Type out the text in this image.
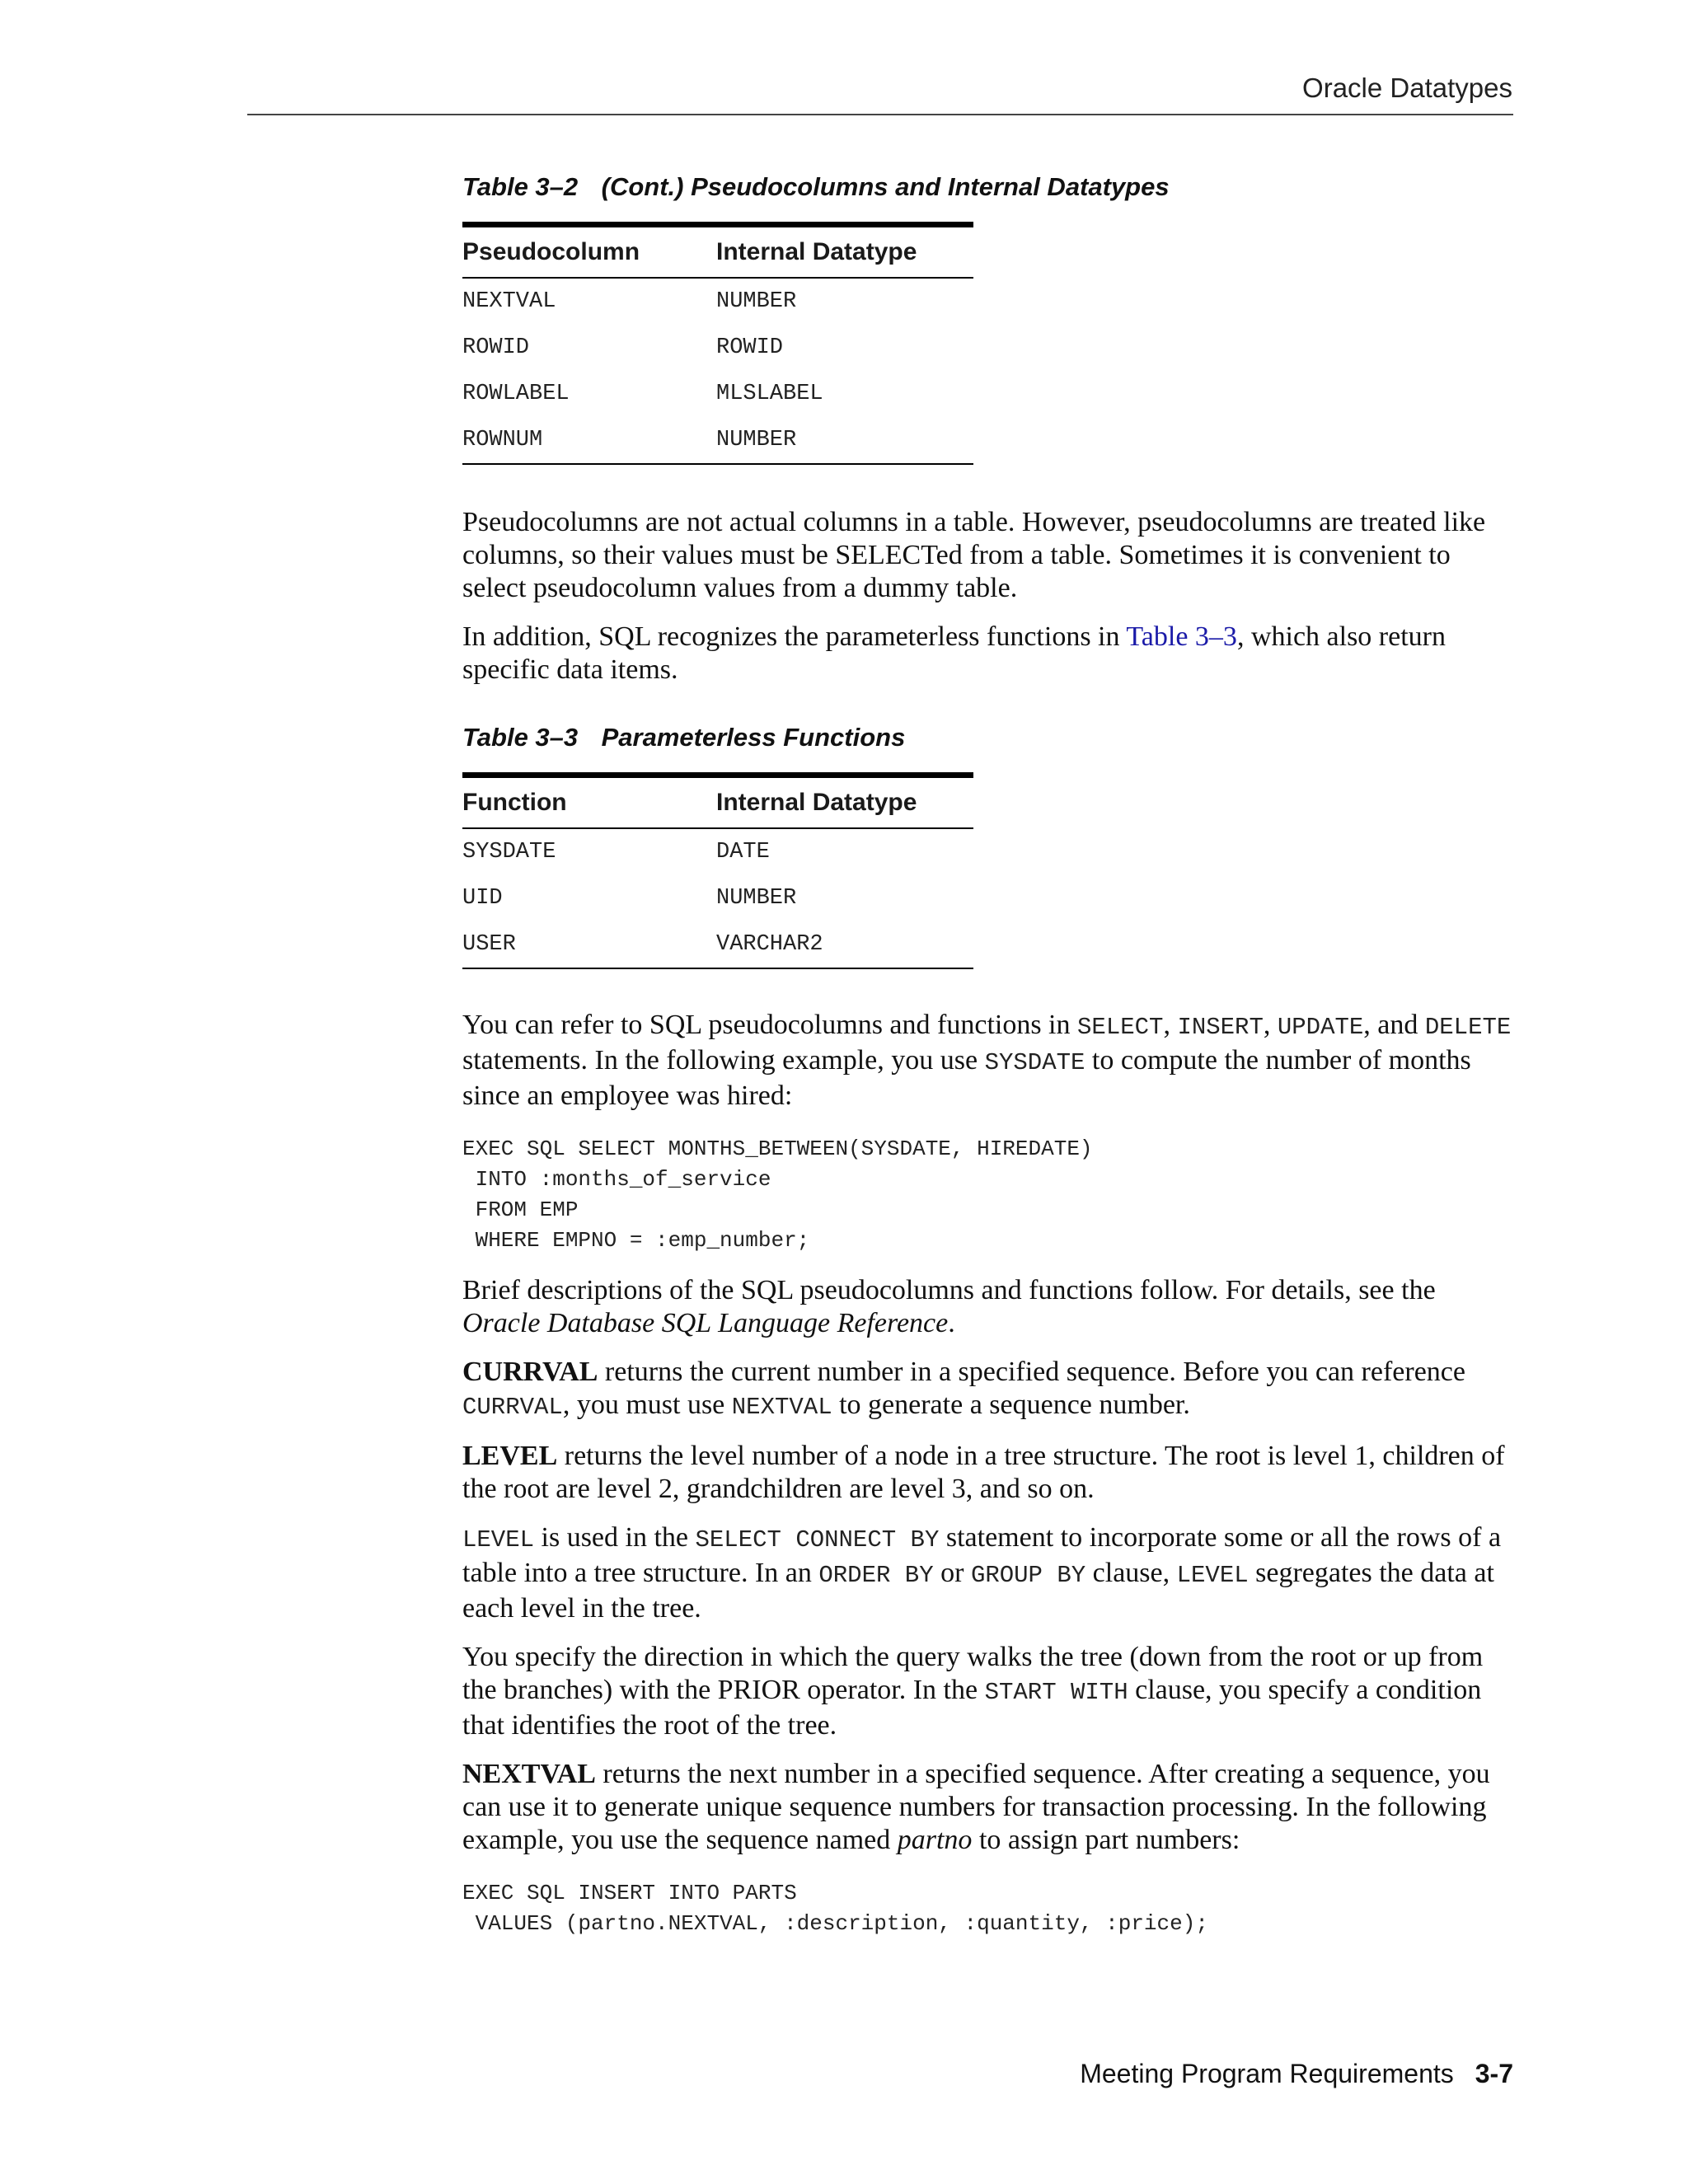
Oracle Datatypes
Table 3–2 (Cont.) Pseudocolumns and Internal Datatypes
Pseudocolumn	Internal Datatype
NEXTVAL	NUMBER
ROWID	ROWID
ROWLABEL	MLSLABEL
ROWNUM	NUMBER

Pseudocolumns are not actual columns in a table. However, pseudocolumns are treated like columns, so their values must be SELECTed from a table. Sometimes it is convenient to select pseudocolumn values from a dummy table.

In addition, SQL recognizes the parameterless functions in Table 3–3, which also return specific data items.

Table 3–3 Parameterless Functions
Function	Internal Datatype
SYSDATE	DATE
UID	NUMBER
USER	VARCHAR2

You can refer to SQL pseudocolumns and functions in SELECT, INSERT, UPDATE, and DELETE statements. In the following example, you use SYSDATE to compute the number of months since an employee was hired:

EXEC SQL SELECT MONTHS_BETWEEN(SYSDATE, HIREDATE)
INTO :months_of_service
FROM EMP
WHERE EMPNO = :emp_number;

Brief descriptions of the SQL pseudocolumns and functions follow. For details, see the Oracle Database SQL Language Reference.

CURRVAL returns the current number in a specified sequence. Before you can reference CURRVAL, you must use NEXTVAL to generate a sequence number.

LEVEL returns the level number of a node in a tree structure. The root is level 1, children of the root are level 2, grandchildren are level 3, and so on.

LEVEL is used in the SELECT CONNECT BY statement to incorporate some or all the rows of a table into a tree structure. In an ORDER BY or GROUP BY clause, LEVEL segregates the data at each level in the tree.

You specify the direction in which the query walks the tree (down from the root or up from the branches) with the PRIOR operator. In the START WITH clause, you specify a condition that identifies the root of the tree.

NEXTVAL returns the next number in a specified sequence. After creating a sequence, you can use it to generate unique sequence numbers for transaction processing. In the following example, you use the sequence named partno to assign part numbers:

EXEC SQL INSERT INTO PARTS
VALUES (partno.NEXTVAL, :description, :quantity, :price);
Meeting Program Requirements 3-7
